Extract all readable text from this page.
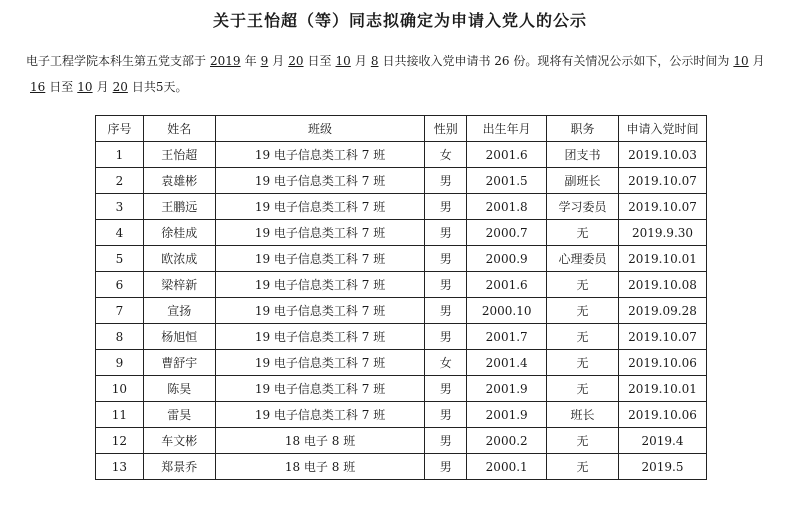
关于王怡超（等）同志拟确定为申请入党人的公示
电子工程学院本科生第五党支部于 2019 年 9 月 20 日至 10 月 8 日共接收入党申请书 26 份。现将有关情况公示如下，公示时间为 10 月16 日至 10 月 20 日共5天。
序号	姓名	班级	性别	出生年月	职务	申请入党时间
1	王怡超	19 电子信息类工科 7 班	女	2001.6	团支书	2019.10.03
2	袁雄彬	19 电子信息类工科 7 班	男	2001.5	副班长	2019.10.07
3	王鹏远	19 电子信息类工科 7 班	男	2001.8	学习委员	2019.10.07
4	徐桂成	19 电子信息类工科 7 班	男	2000.7	无	2019.9.30
5	欧浓成	19 电子信息类工科 7 班	男	2000.9	心理委员	2019.10.01
6	梁梓新	19 电子信息类工科 7 班	男	2001.6	无	2019.10.08
7	宣扬	19 电子信息类工科 7 班	男	2000.10	无	2019.09.28
8	杨旭恒	19 电子信息类工科 7 班	男	2001.7	无	2019.10.07
9	曹舒宇	19 电子信息类工科 7 班	女	2001.4	无	2019.10.06
10	陈昊	19 电子信息类工科 7 班	男	2001.9	无	2019.10.01
11	雷昊	19 电子信息类工科 7 班	男	2001.9	班长	2019.10.06
12	车文彬	18 电子 8 班	男	2000.2	无	2019.4
13	郑景乔	18 电子 8 班	男	2000.1	无	2019.5
